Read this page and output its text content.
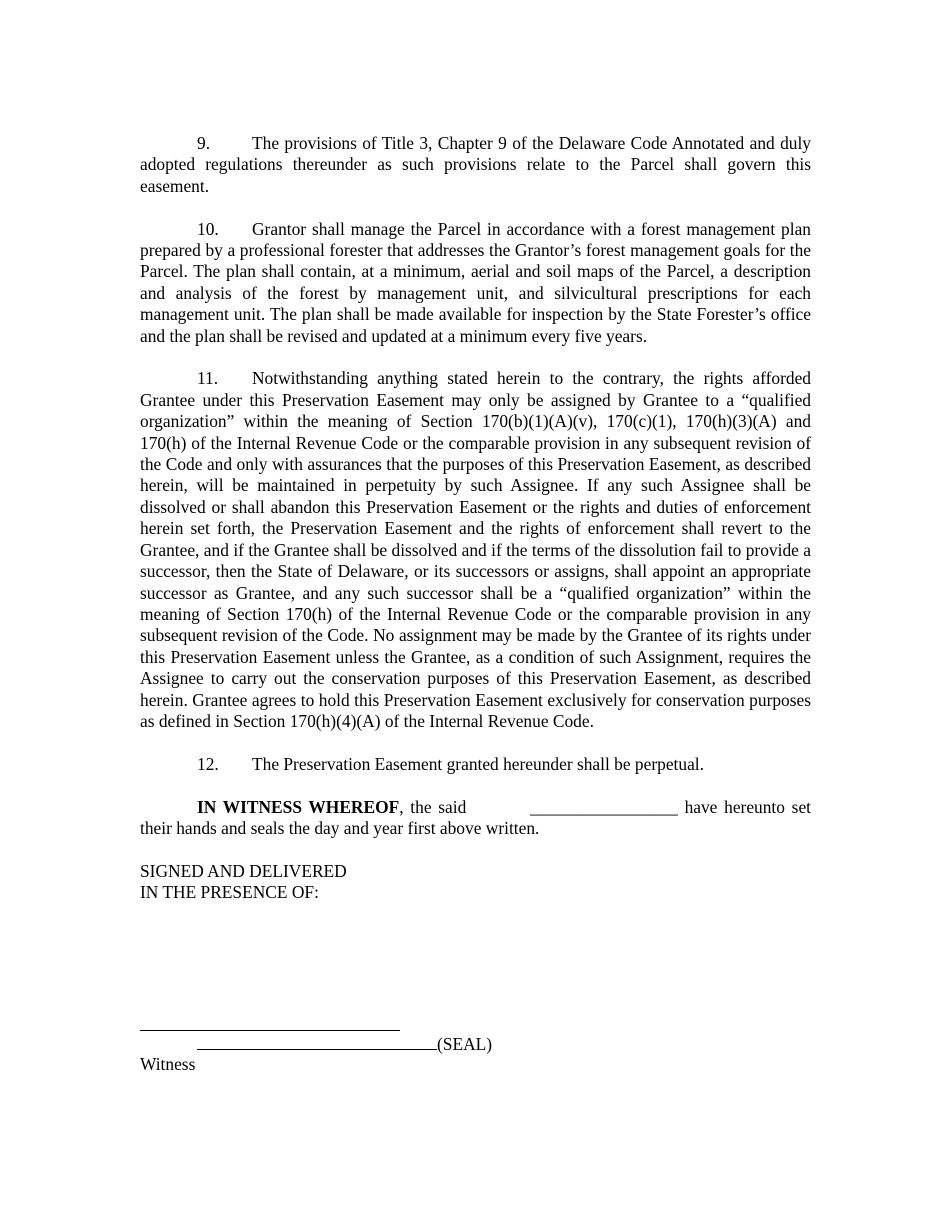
9. The provisions of Title 3, Chapter 9 of the Delaware Code Annotated and duly adopted regulations thereunder as such provisions relate to the Parcel shall govern this easement.

10. Grantor shall manage the Parcel in accordance with a forest management plan prepared by a professional forester that addresses the Grantor’s forest management goals for the Parcel. The plan shall contain, at a minimum, aerial and soil maps of the Parcel, a description and analysis of the forest by management unit, and silvicultural prescriptions for each management unit. The plan shall be made available for inspection by the State Forester’s office and the plan shall be revised and updated at a minimum every five years.

11. Notwithstanding anything stated herein to the contrary, the rights afforded Grantee under this Preservation Easement may only be assigned by Grantee to a “qualified organization” within the meaning of Section 170(b)(1)(A)(v), 170(c)(1), 170(h)(3)(A) and 170(h) of the Internal Revenue Code or the comparable provision in any subsequent revision of the Code and only with assurances that the purposes of this Preservation Easement, as described herein, will be maintained in perpetuity by such Assignee. If any such Assignee shall be dissolved or shall abandon this Preservation Easement or the rights and duties of enforcement herein set forth, the Preservation Easement and the rights of enforcement shall revert to the Grantee, and if the Grantee shall be dissolved and if the terms of the dissolution fail to provide a successor, then the State of Delaware, or its successors or assigns, shall appoint an appropriate successor as Grantee, and any such successor shall be a “qualified organization” within the meaning of Section 170(h) of the Internal Revenue Code or the comparable provision in any subsequent revision of the Code. No assignment may be made by the Grantee of its rights under this Preservation Easement unless the Grantee, as a condition of such Assignment, requires the Assignee to carry out the conservation purposes of this Preservation Easement, as described herein. Grantee agrees to hold this Preservation Easement exclusively for conservation purposes as defined in Section 170(h)(4)(A) of the Internal Revenue Code.

12. The Preservation Easement granted hereunder shall be perpetual.

IN WITNESS WHEREOF, the said	_________________ have hereunto set their hands and seals the day and year first above written.

SIGNED AND DELIVERED

IN THE PRESENCE OF:

(SEAL)
Witness
